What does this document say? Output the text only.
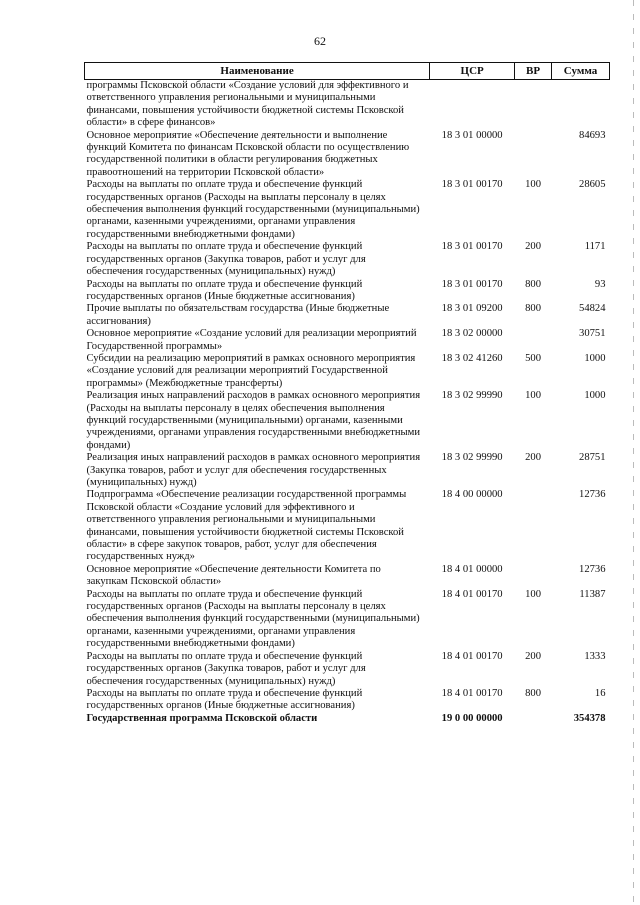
62
Наименование	ЦСР	ВР	Сумма
программы Псковской области «Создание условий для эффективного и ответственного управления региональными и муниципальными финансами, повышения устойчивости бюджетной системы Псковской области» в сфере финансов»			
Основное мероприятие «Обеспечение деятельности и выполнение функций Комитета по финансам Псковской области по осуществлению государственной политики в области регулирования бюджетных правоотношений на территории Псковской области»	18 3 01 00000		84693
Расходы на выплаты по оплате труда и обеспечение функций государственных органов (Расходы на выплаты персоналу в целях обеспечения выполнения функций государственными (муниципальными) органами, казенными учреждениями, органами управления государственными внебюджетными фондами)	18 3 01 00170	100	28605
Расходы на выплаты по оплате труда и обеспечение функций государственных органов (Закупка товаров, работ и услуг для обеспечения государственных (муниципальных) нужд)	18 3 01 00170	200	1171
Расходы на выплаты по оплате труда и обеспечение функций государственных органов (Иные бюджетные ассигнования)	18 3 01 00170	800	93
Прочие выплаты по обязательствам государства (Иные бюджетные ассигнования)	18 3 01 09200	800	54824
Основное мероприятие «Создание условий для реализации мероприятий Государственной программы»	18 3 02 00000		30751
Субсидии на реализацию мероприятий в рамках основного мероприятия «Создание условий для реализации мероприятий Государственной программы» (Межбюджетные трансферты)	18 3 02 41260	500	1000
Реализация иных направлений расходов в рамках основного мероприятия (Расходы на выплаты персоналу в целях обеспечения выполнения функций государственными (муниципальными) органами, казенными учреждениями, органами управления государственными внебюджетными фондами)	18 3 02 99990	100	1000
Реализация иных направлений расходов в рамках основного мероприятия (Закупка товаров, работ и услуг для обеспечения государственных (муниципальных) нужд)	18 3 02 99990	200	28751
Подпрограмма «Обеспечение реализации государственной программы Псковской области «Создание условий для эффективного и ответственного управления региональными и муниципальными финансами, повышения устойчивости бюджетной системы Псковской области» в сфере закупок товаров, работ, услуг для обеспечения государственных нужд»	18 4 00 00000		12736
Основное мероприятие «Обеспечение деятельности Комитета по закупкам Псковской области»	18 4 01 00000		12736
Расходы на выплаты по оплате труда и обеспечение функций государственных органов (Расходы на выплаты персоналу в целях обеспечения выполнения функций государственными (муниципальными) органами, казенными учреждениями, органами управления государственными внебюджетными фондами)	18 4 01 00170	100	11387
Расходы на выплаты по оплате труда и обеспечение функций государственных органов (Закупка товаров, работ и услуг для обеспечения государственных (муниципальных) нужд)	18 4 01 00170	200	1333
Расходы на выплаты по оплате труда и обеспечение функций государственных органов (Иные бюджетные ассигнования)	18 4 01 00170	800	16
Государственная программа Псковской области	19 0 00 00000		354378
